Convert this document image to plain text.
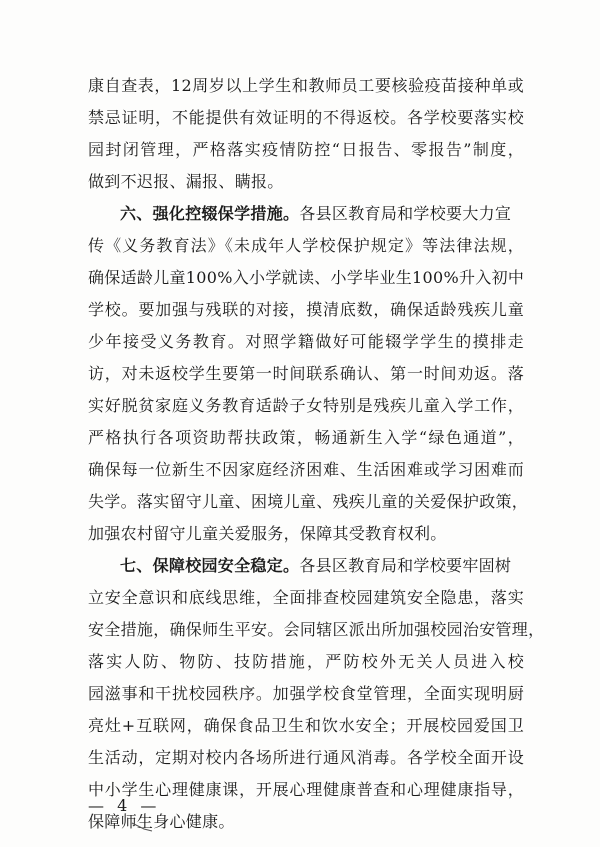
康自查表，12周岁以上学生和教师员工要核验疫苗接种单或
禁忌证明，不能提供有效证明的不得返校。各学校要落实校
园封闭管理，严格落实疫情防控“日报告、零报告”制度，
做到不迟报、漏报、瞒报。
六、强化控辍保学措施。各县区教育局和学校要大力宣
传《义务教育法》《未成年人学校保护规定》等法律法规，
确保适龄儿童100%入小学就读、小学毕业生100%升入初中
学校。要加强与残联的对接，摸清底数，确保适龄残疾儿童
少年接受义务教育。对照学籍做好可能辍学学生的摸排走
访，对未返校学生要第一时间联系确认、第一时间劝返。落
实好脱贫家庭义务教育适龄子女特别是残疾儿童入学工作，
严格执行各项资助帮扶政策，畅通新生入学“绿色通道”，
确保每一位新生不因家庭经济困难、生活困难或学习困难而
失学。落实留守儿童、困境儿童、残疾儿童的关爱保护政策，
加强农村留守儿童关爱服务，保障其受教育权利。
七、保障校园安全稳定。各县区教育局和学校要牢固树
立安全意识和底线思维，全面排查校园建筑安全隐患，落实
安全措施，确保师生平安。会同辖区派出所加强校园治安管理，
落实人防、物防、技防措施，严防校外无关人员进入校
园滋事和干扰校园秩序。加强学校食堂管理，全面实现明厨
亮灶+互联网，确保食品卫生和饮水安全；开展校园爱国卫
生活动，定期对校内各场所进行通风消毒。各学校全面开设
中小学生心理健康课，开展心理健康普查和心理健康指导，
保障师生身心健康。
— 4 —
